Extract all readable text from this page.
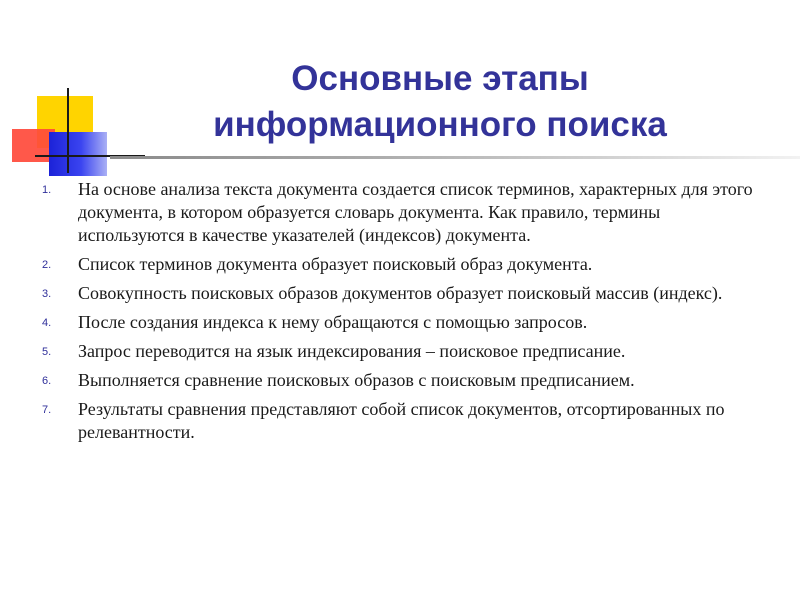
Основные этапы
информационного поиска
1. На основе анализа текста документа создается список терминов, характерных для этого документа, в котором образуется словарь документа. Как правило, термины используются в качестве указателей (индексов) документа.
2. Список терминов документа образует поисковый образ документа.
3. Совокупность поисковых образов документов образует поисковый массив (индекс).
4. После создания индекса к нему обращаются с помощью запросов.
5. Запрос переводится на язык индексирования – поисковое предписание.
6. Выполняется сравнение поисковых образов с поисковым предписанием.
7. Результаты сравнения представляют собой список документов, отсортированных по релевантности.
